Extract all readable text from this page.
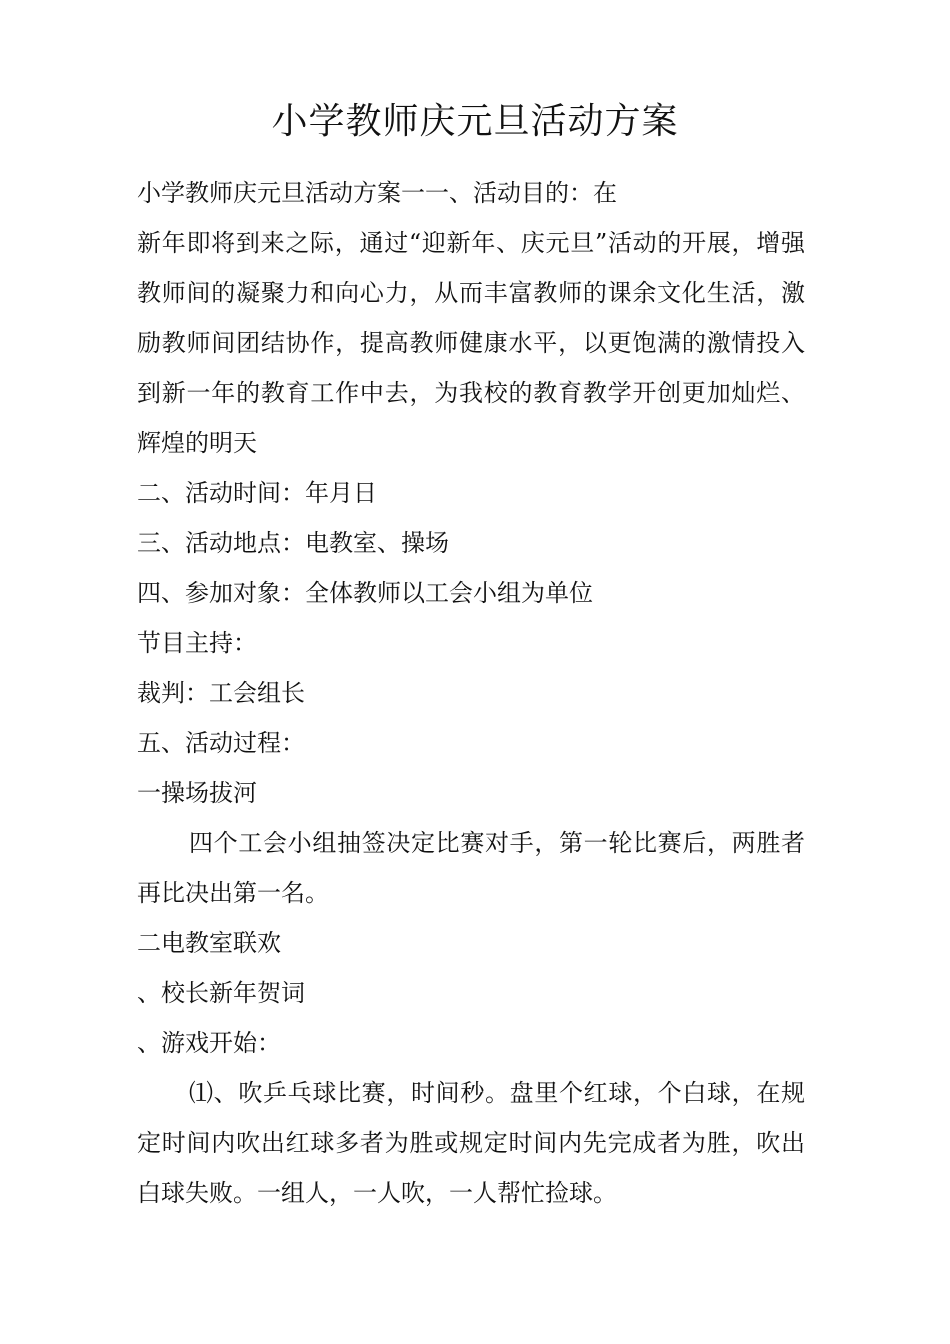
小学教师庆元旦活动方案

小学教师庆元旦活动方案一一、活动目的：在

新年即将到来之际，通过“迎新年、庆元旦”活动的开展，增强教师间的凝聚力和向心力，从而丰富教师的课余文化生活，激励教师间团结协作，提高教师健康水平，以更饱满的激情投入到新一年的教育工作中去，为我校的教育教学开创更加灿烂、辉煌的明天

二、活动时间：年月日

三、活动地点：电教室、操场

四、参加对象：全体教师以工会小组为单位

节目主持：

裁判：工会组长

五、活动过程：

一操场拔河

四个工会小组抽签决定比赛对手，第一轮比赛后，两胜者再比决出第一名。

二电教室联欢

、校长新年贺词

、游戏开始：

⑴、吹乒乓球比赛，时间秒。盘里个红球，个白球，在规定时间内吹出红球多者为胜或规定时间内先完成者为胜，吹出白球失败。一组人，一人吹，一人帮忙捡球。
